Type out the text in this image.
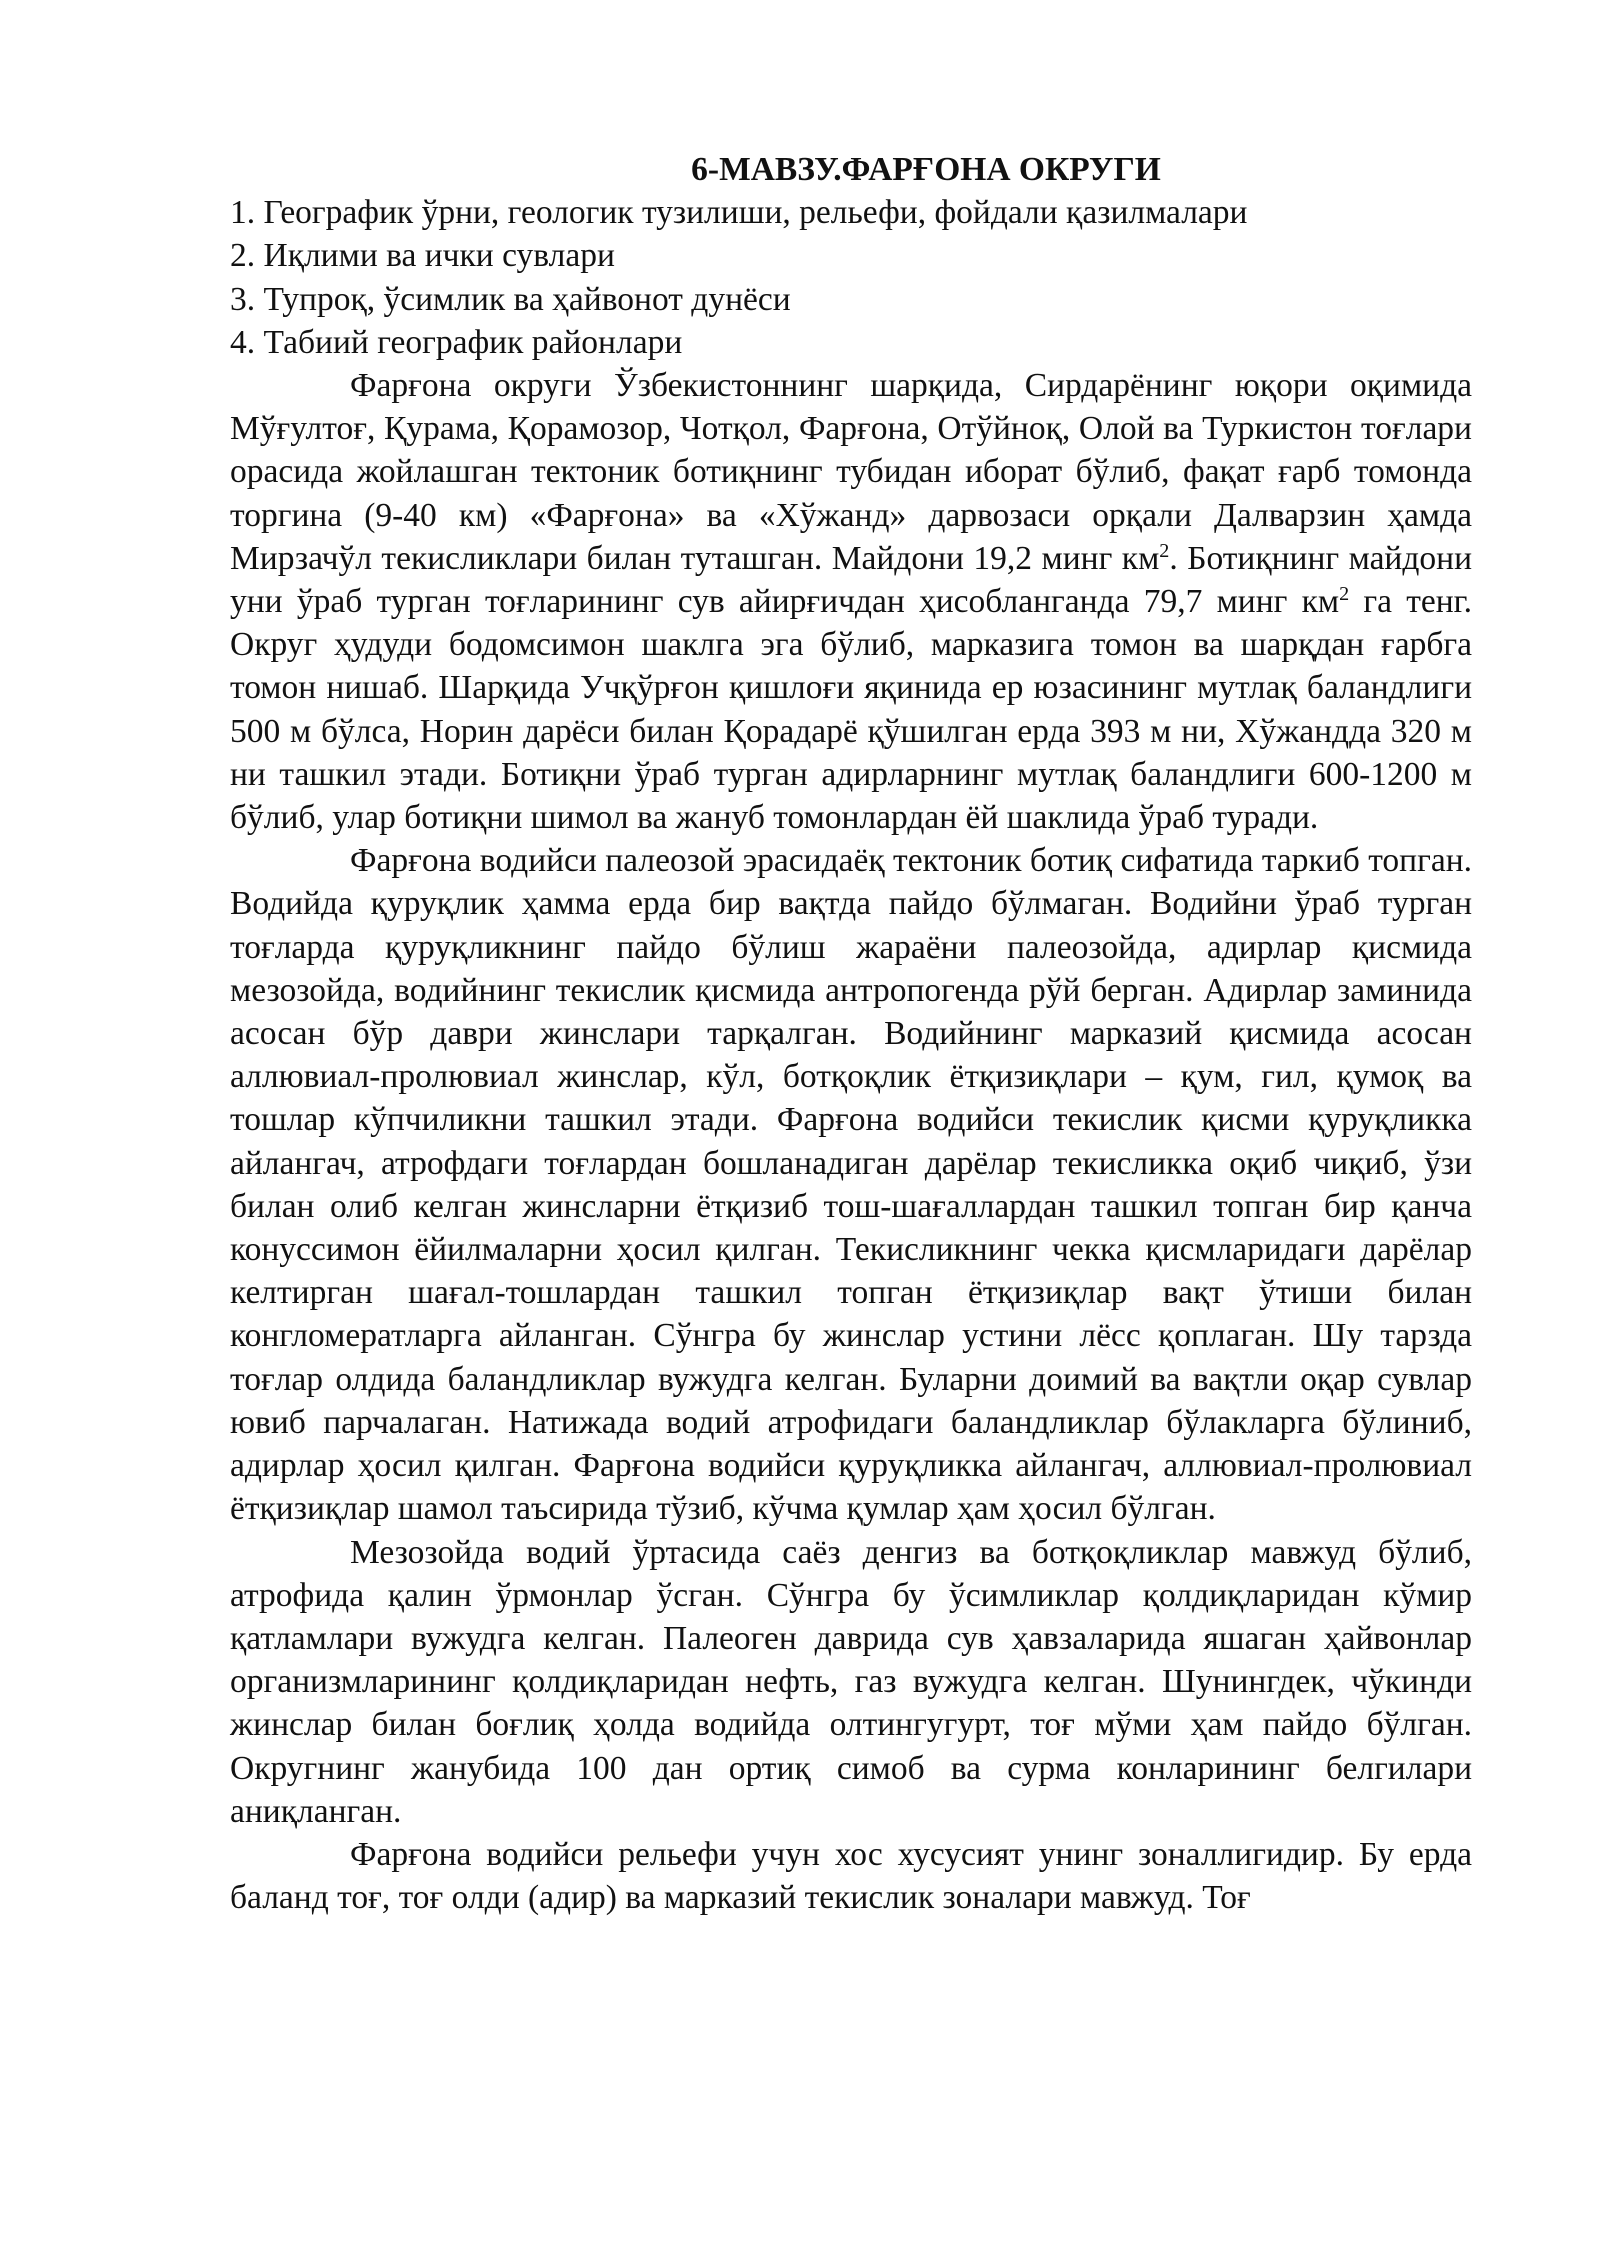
6-МАВЗУ.ФАРҒОНА ОКРУГИ
1. Географик ўрни, геологик тузилиши, рельефи, фойдали қазилмалари
2. Иқлими ва ички сувлари
3. Тупроқ, ўсимлик ва ҳайвонот дунёси
4. Табиий географик районлари

Фарғона округи Ўзбекистоннинг шарқида, Сирдарёнинг юқори оқимида Мўғултоғ, Қурама, Қорамозор, Чотқол, Фарғона, Отўйноқ, Олой ва Туркистон тоғлари орасида жойлашган тектоник ботиқнинг тубидан иборат бўлиб, фақат ғарб томонда торгина (9-40 км) «Фарғона» ва «Хўжанд» дарвозаси орқали Далварзин ҳамда Мирзачўл текисликлари билан туташган. Майдони 19,2 минг $км^2$. Ботиқнинг майдони уни ўраб турган тоғларининг сув айирғичдан ҳисобланганда 79,7 минг $км^2$ га тенг. Округ ҳудуди бодомсимон шаклга эга бўлиб, марказига томон ва шарқдан ғарбга томон нишаб. Шарқида Учқўрғон қишлоғи яқинида ер юзасининг мутлақ баландлиги 500 м бўлса, Норин дарёси билан Қорадарё қўшилган ерда 393 м ни, Хўжандда 320 м ни ташкил этади. Ботиқни ўраб турган адирларнинг мутлақ баландлиги 600-1200 м бўлиб, улар ботиқни шимол ва жануб томонлардан ёй шаклида ўраб туради.

Фарғона водийси палеозой эрасидаёқ тектоник ботиқ сифатида таркиб топган. Водийда қуруқлик ҳамма ерда бир вақтда пайдо бўлмаган. Водийни ўраб турган тоғларда қуруқликнинг пайдо бўлиш жараёни палеозойда, адирлар қисмида мезозойда, водийнинг текислик қисмида антропогенда рўй берган. Адирлар заминида асосан бўр даври жинслари тарқалган. Водийнинг марказий қисмида асосан аллювиал-пролювиал жинслар, кўл, ботқоқлик ётқизиқлари – қум, гил, қумоқ ва тошлар кўпчиликни ташкил этади. Фарғона водийси текислик қисми қуруқликка айлангач, атрофдаги тоғлардан бошланадиган дарёлар текисликка оқиб чиқиб, ўзи билан олиб келган жинсларни ётқизиб тош-шағаллардан ташкил топган бир қанча конуссимон ёйилмаларни ҳосил қилган. Текисликнинг чекка қисмларидаги дарёлар келтирган шағал-тошлардан ташкил топган ётқизиқлар вақт ўтиши билан конгломератларга айланган. Сўнгра бу жинслар устини лёсс қоплаган. Шу тарзда тоғлар олдида баландликлар вужудга келган. Буларни доимий ва вақтли оқар сувлар ювиб парчалаган. Натижада водий атрофидаги баландликлар бўлакларга бўлиниб, адирлар ҳосил қилган. Фарғона водийси қуруқликка айлангач, аллювиал-пролювиал ётқизиқлар шамол таъсирида тўзиб, кўчма қумлар ҳам ҳосил бўлган.

Мезозойда водий ўртасида саёз денгиз ва ботқоқликлар мавжуд бўлиб, атрофида қалин ўрмонлар ўсган. Сўнгра бу ўсимликлар қолдиқларидан кўмир қатламлари вужудга келган. Палеоген даврида сув ҳавзаларида яшаган ҳайвонлар организмларининг қолдиқларидан нефть, газ вужудга келган. Шунингдек, чўкинди жинслар билан боғлиқ ҳолда водийда олтингугурт, тоғ мўми ҳам пайдо бўлган. Округнинг жанубида 100 дан ортиқ симоб ва сурма конларининг белгилари аниқланган.

Фарғона водийси рельефи учун хос хусусият унинг зоналлигидир. Бу ерда баланд тоғ, тоғ олди (адир) ва марказий текислик зоналари мавжуд. Тоғ
